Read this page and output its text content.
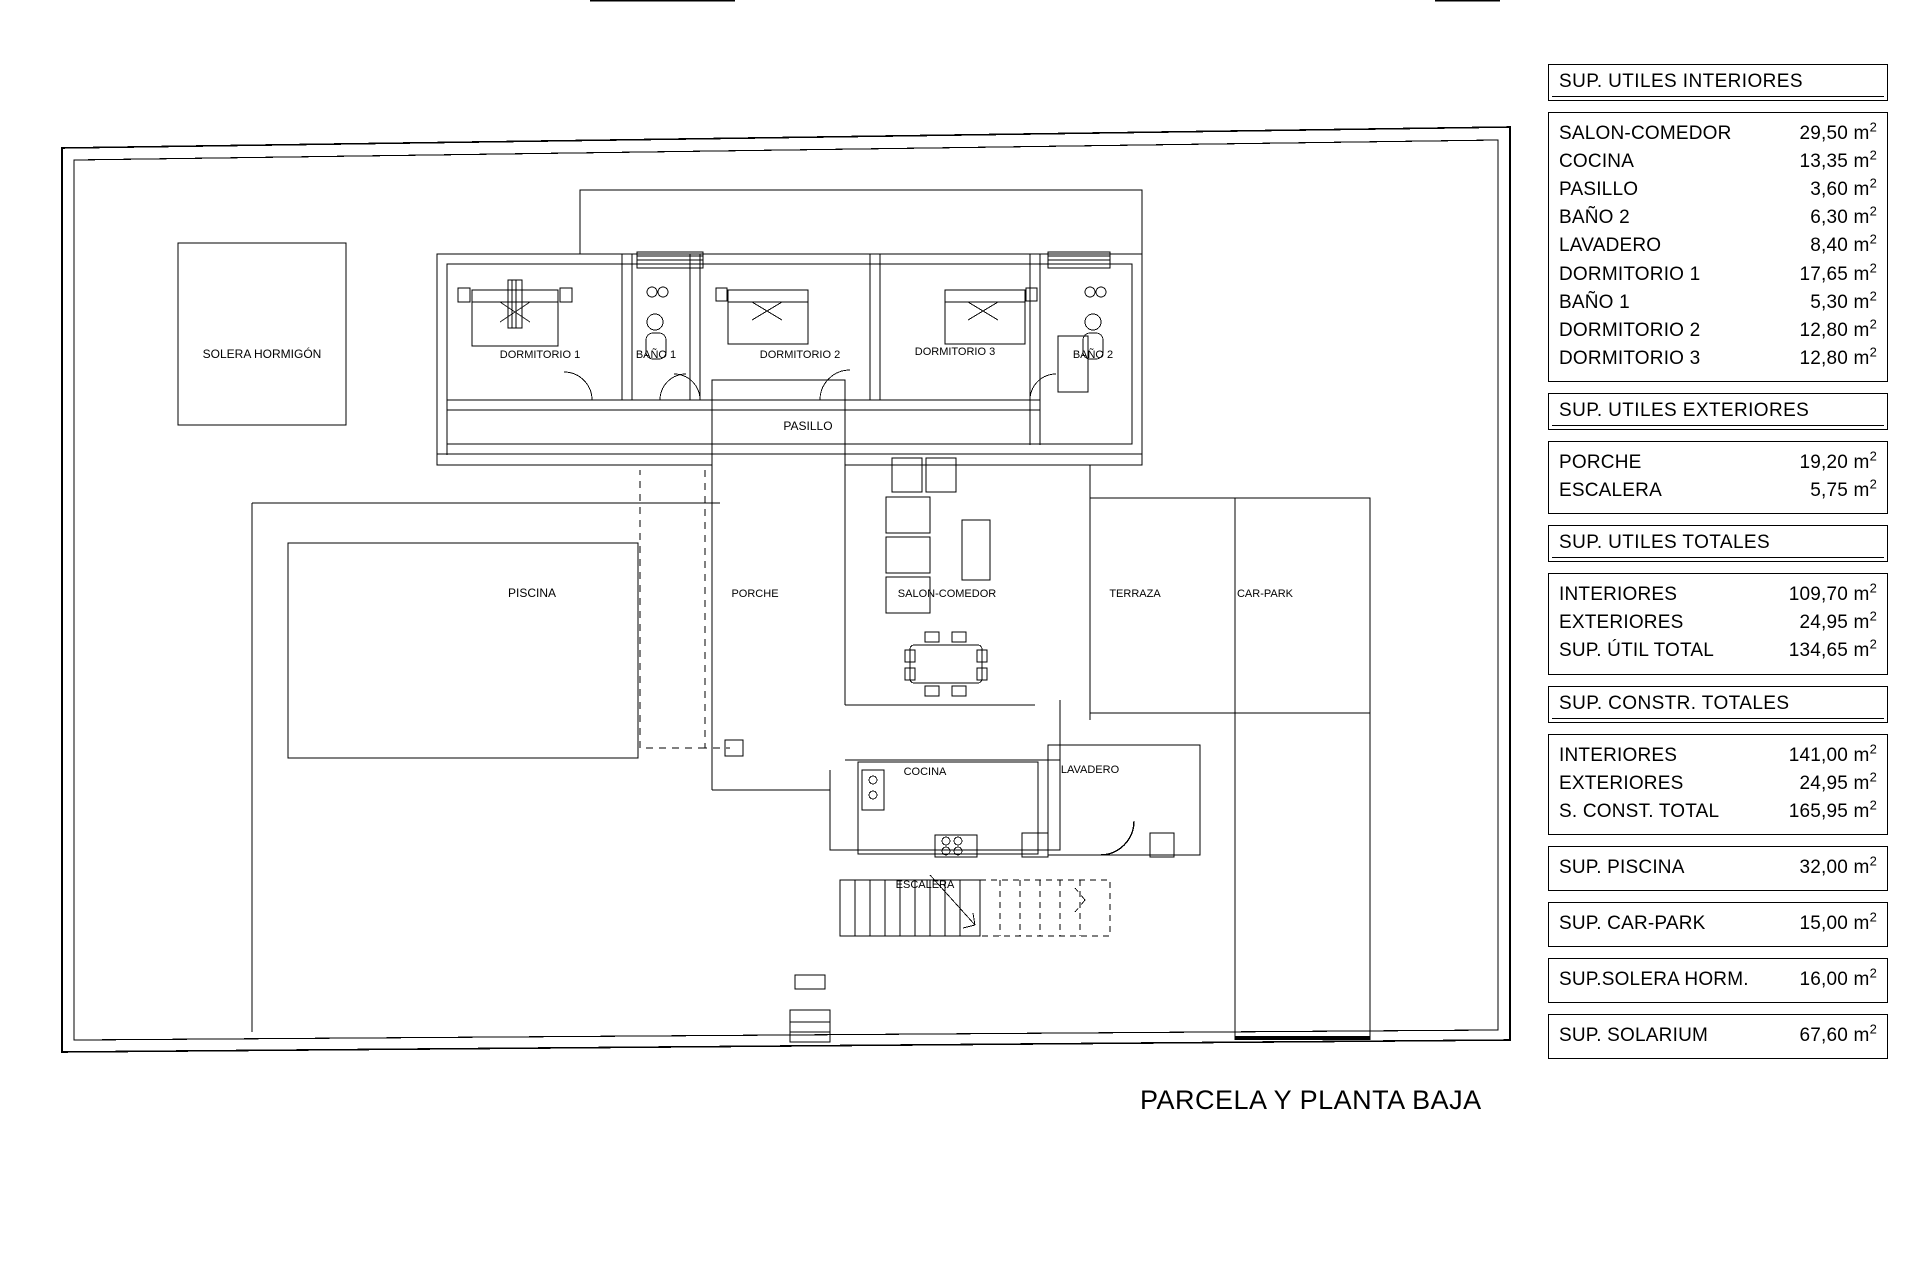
SOLERA HORMIGÓN	DORMITORIO 1	BAÑO 1	DORMITORIO 2	DORMITORIO 3	BAÑO 2
PASILLO
PISCINA	PORCHE	SALON-COMEDOR	TERRAZA	CAR-PARK
COCINA	LAVADERO
ESCALERA
PARCELA Y PLANTA BAJA
SUP. UTILES INTERIORES
SALON-COMEDOR	29,50 $m^2$
COCINA	13,35 $m^2$
PASILLO	3,60 $m^2$
BAÑO 2	6,30 $m^2$
LAVADERO	8,40 $m^2$
DORMITORIO 1	17,65 $m^2$
BAÑO 1	5,30 $m^2$
DORMITORIO 2	12,80 $m^2$
DORMITORIO 3	12,80 $m^2$
SUP. UTILES EXTERIORES
PORCHE	19,20 $m^2$
ESCALERA	5,75 $m^2$
SUP. UTILES TOTALES
INTERIORES	109,70 $m^2$
EXTERIORES	24,95 $m^2$
SUP. ÚTIL TOTAL	134,65 $m^2$
SUP. CONSTR. TOTALES
INTERIORES	141,00 $m^2$
EXTERIORES	24,95 $m^2$
S. CONST. TOTAL	165,95 $m^2$
SUP. PISCINA	32,00 $m^2$
SUP. CAR-PARK	15,00 $m^2$
SUP.SOLERA HORM.	16,00 $m^2$
SUP. SOLARIUM	67,60 $m^2$
